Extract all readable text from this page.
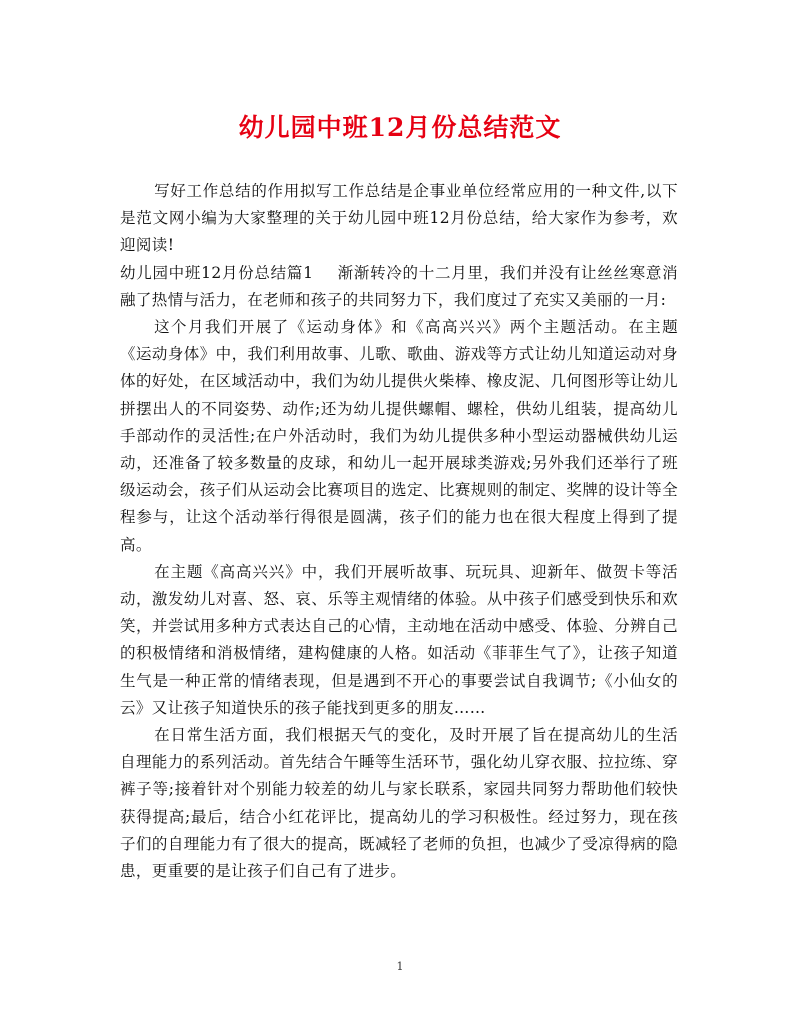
幼儿园中班12月份总结范文

写好工作总结的作用拟写工作总结是企事业单位经常应用的一种文件,以下是范文网小编为大家整理的关于幼儿园中班12月份总结，给大家作为参考，欢迎阅读!

幼儿园中班12月份总结篇1 渐渐转冷的十二月里，我们并没有让丝丝寒意消融了热情与活力，在老师和孩子的共同努力下，我们度过了充实又美丽的一月:

这个月我们开展了《运动身体》和《高高兴兴》两个主题活动。在主题《运动身体》中，我们利用故事、儿歌、歌曲、游戏等方式让幼儿知道运动对身体的好处，在区域活动中，我们为幼儿提供火柴棒、橡皮泥、几何图形等让幼儿拼摆出人的不同姿势、动作;还为幼儿提供螺帽、螺栓，供幼儿组装，提高幼儿手部动作的灵活性;在户外活动时，我们为幼儿提供多种小型运动器械供幼儿运动，还准备了较多数量的皮球，和幼儿一起开展球类游戏;另外我们还举行了班级运动会，孩子们从运动会比赛项目的选定、比赛规则的制定、奖牌的设计等全程参与，让这个活动举行得很是圆满，孩子们的能力也在很大程度上得到了提高。

在主题《高高兴兴》中，我们开展听故事、玩玩具、迎新年、做贺卡等活动，激发幼儿对喜、怒、哀、乐等主观情绪的体验。从中孩子们感受到快乐和欢笑，并尝试用多种方式表达自己的心情，主动地在活动中感受、体验、分辨自己的积极情绪和消极情绪，建构健康的人格。如活动《菲菲生气了》，让孩子知道生气是一种正常的情绪表现，但是遇到不开心的事要尝试自我调节;《小仙女的云》又让孩子知道快乐的孩子能找到更多的朋友……

在日常生活方面，我们根据天气的变化，及时开展了旨在提高幼儿的生活自理能力的系列活动。首先结合午睡等生活环节，强化幼儿穿衣服、拉拉练、穿裤子等;接着针对个别能力较差的幼儿与家长联系，家园共同努力帮助他们较快获得提高;最后，结合小红花评比，提高幼儿的学习积极性。经过努力，现在孩子们的自理能力有了很大的提高，既减轻了老师的负担，也减少了受凉得病的隐患，更重要的是让孩子们自己有了进步。

1
